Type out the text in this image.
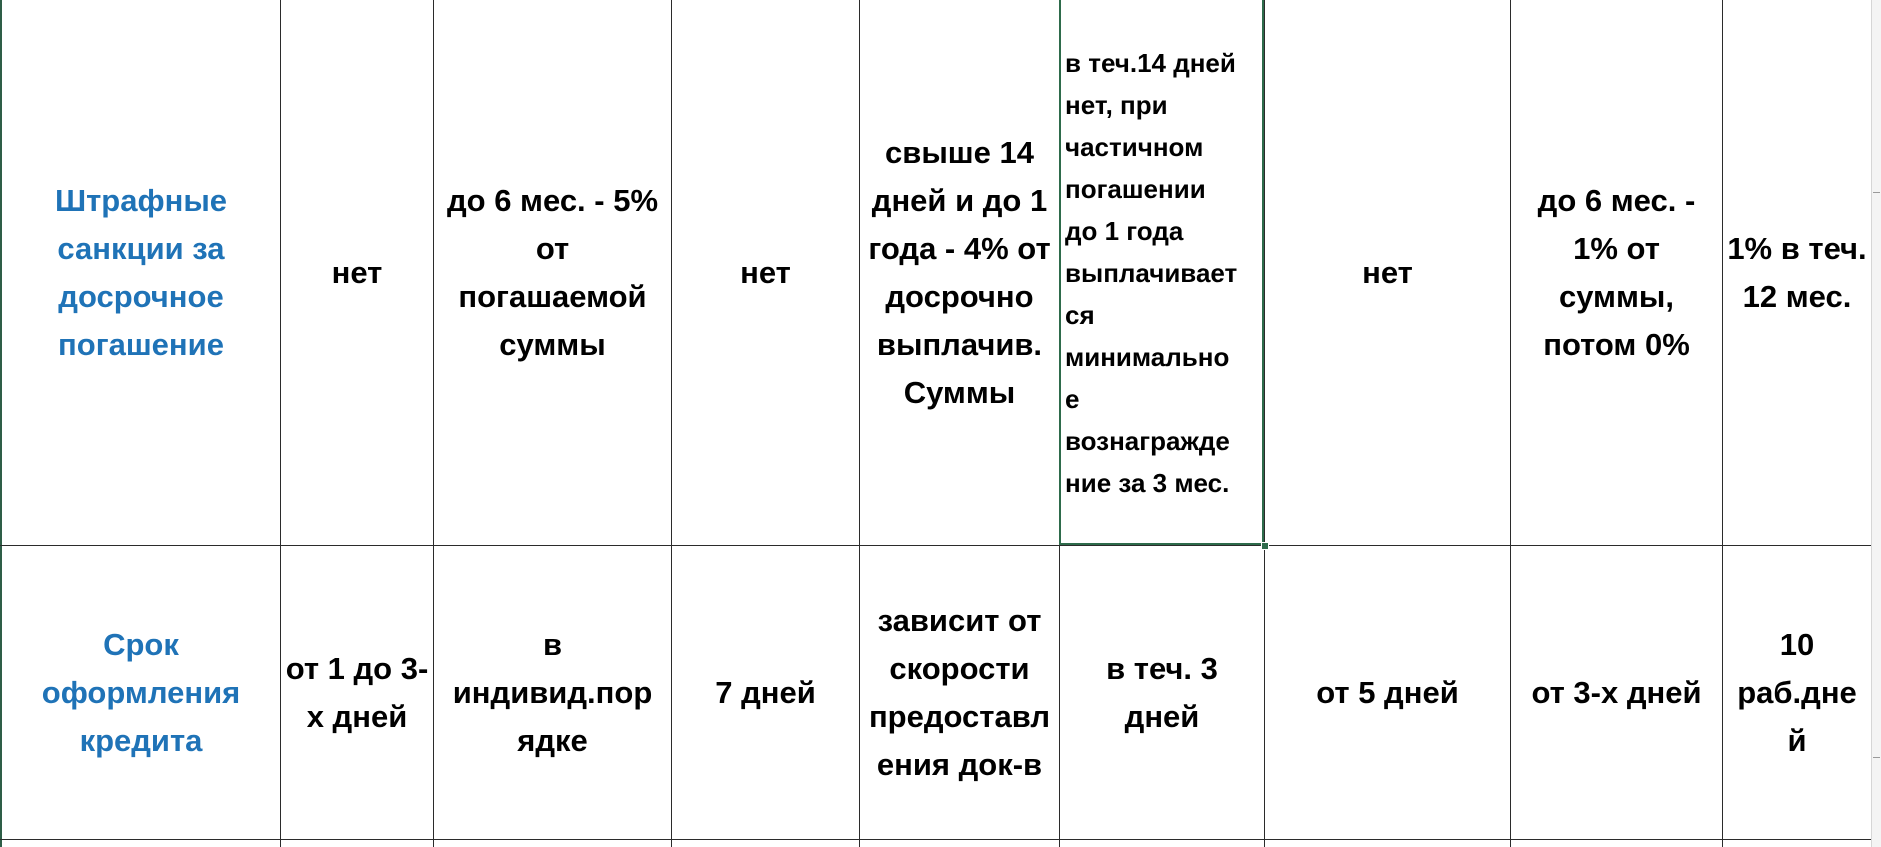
Штрафные
санкции за
досрочное
погашение
нет
до 6 мес. - 5%
от
погашаемой
суммы
нет
свыше 14
дней и до 1
года - 4% от
досрочно
выплачив.
Суммы
в теч.14 дней
нет, при
частичном
погашении
до 1 года
выплачивает
ся
минимально
е
вознагражде
ние за 3 мес.
нет
до 6 мес. -
1% от
суммы,
потом 0%
1% в теч.
12 мес.
Срок
оформления
кредита
от 1 до 3-
х дней
в
индивид.пор
ядке
7 дней
зависит от
скорости
предоставл
ения док-в
в теч. 3
дней
от 5 дней от 3-х дней
10
раб.дне
й
